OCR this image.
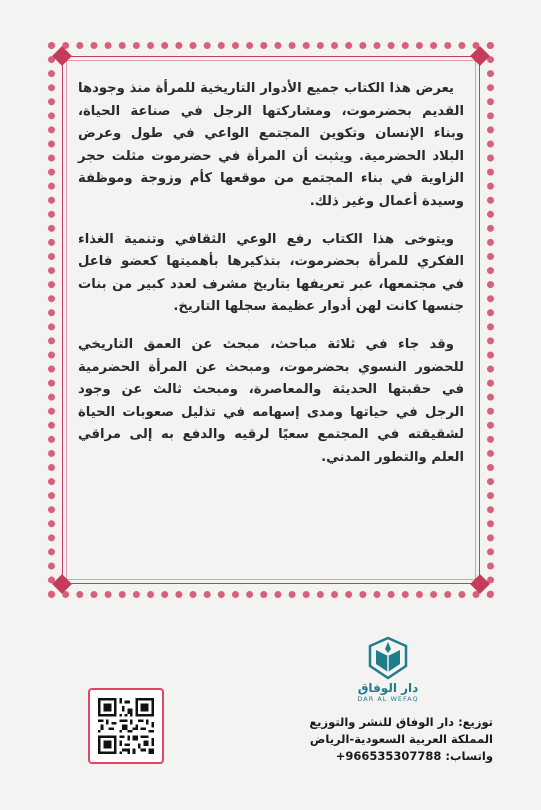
يعرض هذا الكتاب جميع الأدوار التاريخية للمرأة منذ وجودها القديم بحضرموت، ومشاركتها الرجل في صناعة الحياة، وبناء الإنسان وتكوين المجتمع الواعي في طول وعرض البلاد الحضرمية. ويثبت أن المرأة في حضرموت مثلت حجر الزاوية في بناء المجتمع من موقعها كأم وزوجة وموظفة وسيدة أعمال وغير ذلك.

ويتوخى هذا الكتاب رفع الوعي الثقافي وتنمية الغذاء الفكري للمرأة بحضرموت، بتذكيرها بأهميتها كعضو فاعل في مجتمعها، عبر تعريفها بتاريخ مشرف لعدد كبير من بنات جنسها كانت لهن أدوار عظيمة سجلها التاريخ.

وقد جاء في ثلاثة مباحث، مبحث عن العمق التاريخي للحضور النسوي بحضرموت، ومبحث عن المرأة الحضرمية في حقبتها الحديثة والمعاصرة، ومبحث ثالث عن وجود الرجل في حياتها ومدى إسهامه في تذليل صعوبات الحياة لشقيقته في المجتمع سعيًا لرقيه والدفع به إلى مراقي العلم والتطور المدني.

دار الوفاق
DAR AL WEFAQ
توزيع: دار الوفاق للنشر والتوزيع
المملكة العربية السعودية-الرياض
واتساب: +966535307788
